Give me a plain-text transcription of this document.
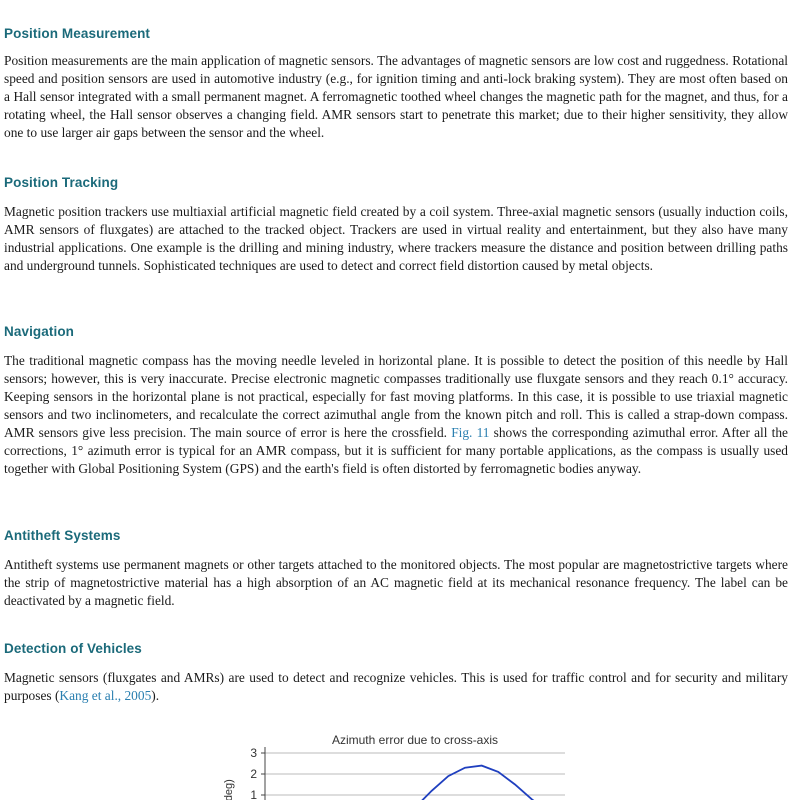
Position Measurement

Position measurements are the main application of magnetic sensors. The advantages of magnetic sensors are low cost and ruggedness. Rotational speed and position sensors are used in automotive industry (e.g., for ignition timing and anti-lock braking system). They are most often based on a Hall sensor integrated with a small permanent magnet. A ferromagnetic toothed wheel changes the magnetic path for the magnet, and thus, for a rotating wheel, the Hall sensor observes a changing field. AMR sensors start to penetrate this market; due to their higher sensitivity, they allow one to use larger air gaps between the sensor and the wheel.

Position Tracking

Magnetic position trackers use multiaxial artificial magnetic field created by a coil system. Three-axial magnetic sensors (usually induction coils, AMR sensors of fluxgates) are attached to the tracked object. Trackers are used in virtual reality and entertainment, but they also have many industrial applications. One example is the drilling and mining industry, where trackers measure the distance and position between drilling paths and underground tunnels. Sophisticated techniques are used to detect and correct field distortion caused by metal objects.

Navigation

The traditional magnetic compass has the moving needle leveled in horizontal plane. It is possible to detect the position of this needle by Hall sensors; however, this is very inaccurate. Precise electronic magnetic compasses traditionally use fluxgate sensors and they reach 0.1° accuracy. Keeping sensors in the horizontal plane is not practical, especially for fast moving platforms. In this case, it is possible to use triaxial magnetic sensors and two inclinometers, and recalculate the correct azimuthal angle from the known pitch and roll. This is called a strap-down compass. AMR sensors give less precision. The main source of error is here the crossfield. Fig. 11 shows the corresponding azimuthal error. After all the corrections, 1° azimuth error is typical for an AMR compass, but it is sufficient for many portable applications, as the compass is usually used together with Global Positioning System (GPS) and the earth's field is often distorted by ferromagnetic bodies anyway.

Antitheft Systems

Antitheft systems use permanent magnets or other targets attached to the monitored objects. The most popular are magnetostrictive targets where the strip of magnetostrictive material has a high absorption of an AC magnetic field at its mechanical resonance frequency. The label can be deactivated by a magnetic field.

Detection of Vehicles

Magnetic sensors (fluxgates and AMRs) are used to detect and recognize vehicles. This is used for traffic control and for security and military purposes (Kang et al., 2005).

Azimuth error due to cross-axis
(deg)
3
2
1
